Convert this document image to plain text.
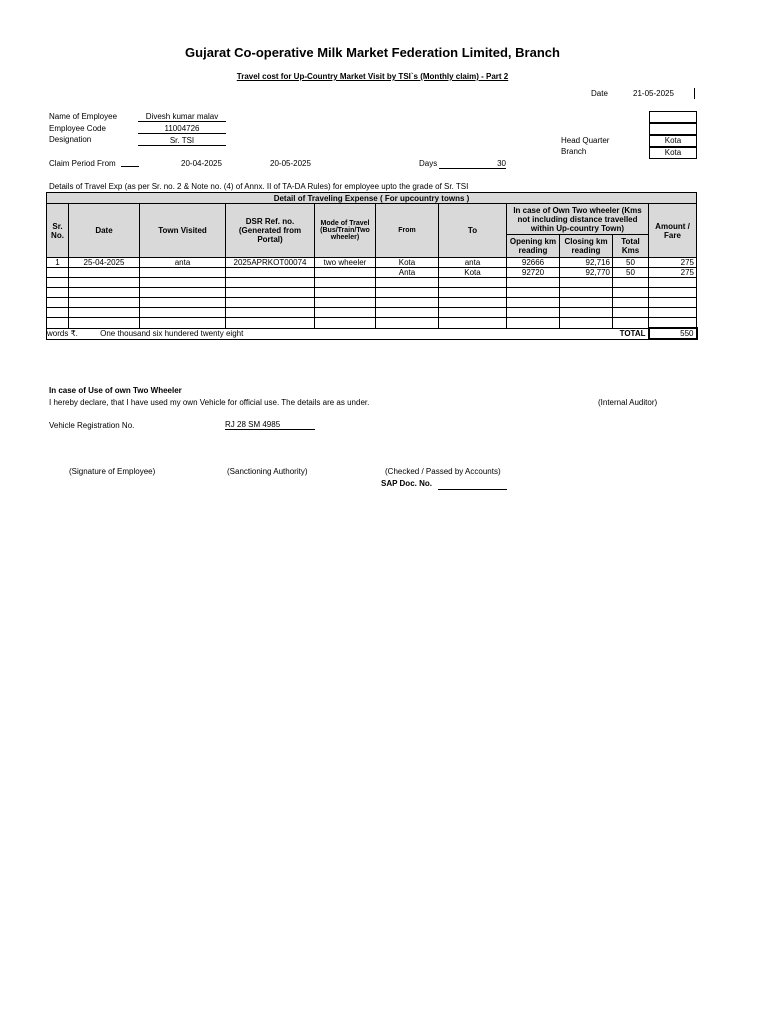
Gujarat Co-operative Milk Market Federation Limited, Branch
Travel cost for Up-Country Market Visit by TSI`s (Monthly claim) - Part 2
Date	21-05-2025
Name of Employee	Divesh kumar malav
Employee Code	11004726
Designation	Sr. TSI	Head Quarter	Kota
Branch	Kota
Claim Period From	20-04-2025	20-05-2025	Days	30
Details of Travel Exp (as per Sr. no. 2 & Note no. (4) of Annx. II of TA-DA Rules) for employee upto the grade of Sr. TSI
Detail of Traveling Expense ( For upcountry towns )										
Sr. No.	Date	Town Visited	DSR Ref. no. (Generated from Portal)	Mode of Travel (Bus/Train/Two wheeler)	From	To	In case of Own Two wheeler (Kms not including distance travelled within Up-country Town)			Amount / Fare
							Opening km reading	Closing km reading	Total Kms	
1	25-04-2025	anta	2025APRKOT00074	two wheeler	Kota	anta	92666	92,716	50	275
					Anta	Kota	92720	92,770	50	275

words ₹. One thousand six hundered twenty eight								TOTAL		550
In case of Use of own Two Wheeler
I hereby declare, that I have used my own Vehicle for official use. The details are as under.	(Internal Auditor)
Vehicle Registration No.	RJ 28 SM 4985
(Signature of Employee)	(Sanctioning Authority)	(Checked / Passed by Accounts)
SAP Doc. No.
